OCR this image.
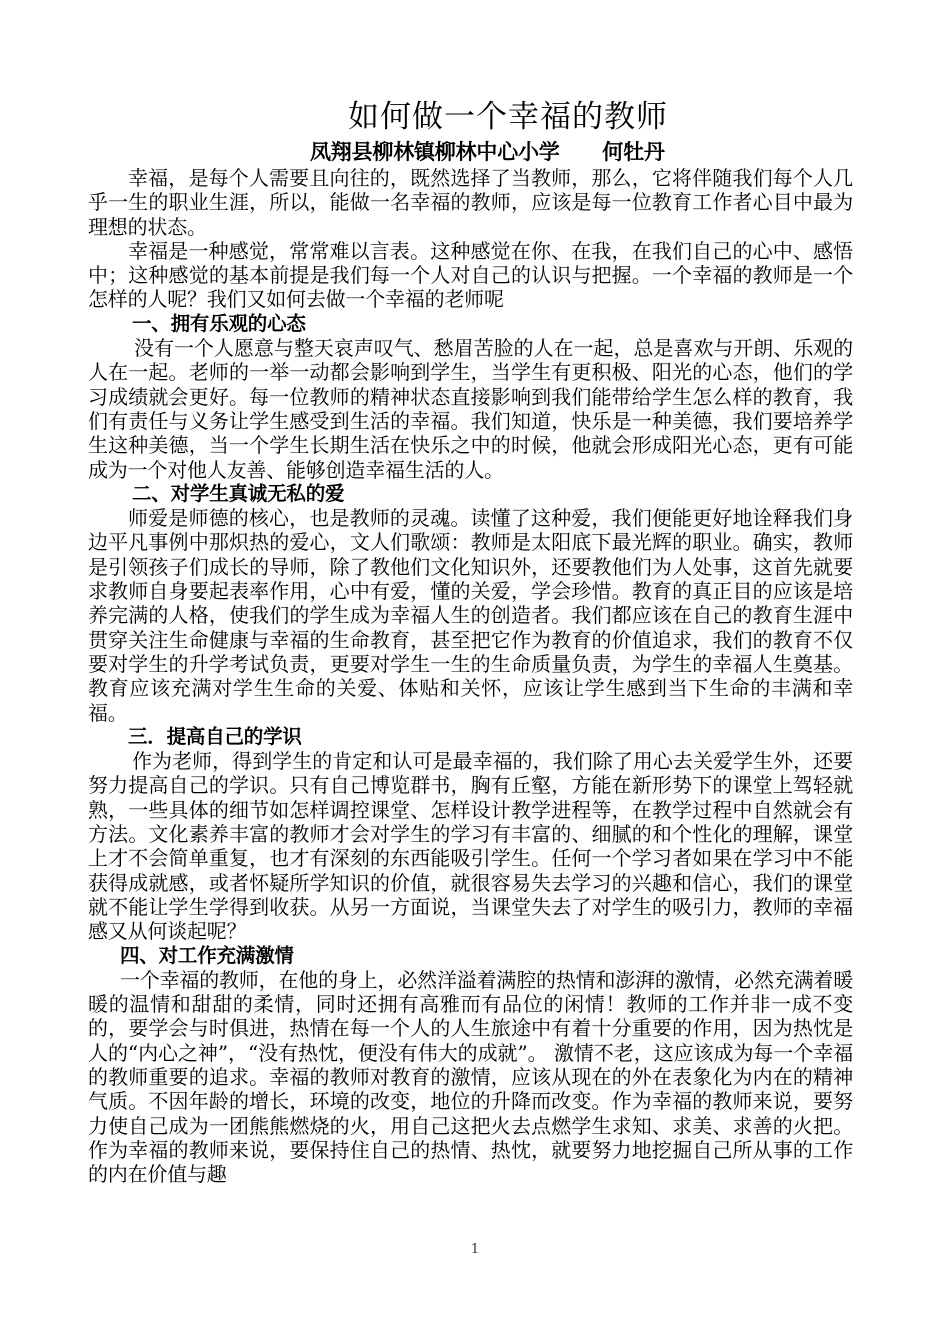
如何做一个幸福的教师

凤翔县柳林镇柳林中心小学      何牡丹

幸福，是每个人需要且向往的，既然选择了当教师，那么，它将伴随我们每个人几乎一生的职业生涯，所以，能做一名幸福的教师，应该是每一位教育工作者心目中最为理想的状态。

幸福是一种感觉，常常难以言表。这种感觉在你、在我，在我们自己的心中、感悟中；这种感觉的基本前提是我们每一个人对自己的认识与把握。一个幸福的教师是一个怎样的人呢？我们又如何去做一个幸福的老师呢

一、拥有乐观的心态

没有一个人愿意与整天哀声叹气、愁眉苦脸的人在一起，总是喜欢与开朗、乐观的人在一起。老师的一举一动都会影响到学生，当学生有更积极、阳光的心态，他们的学习成绩就会更好。每一位教师的精神状态直接影响到我们能带给学生怎么样的教育，我们有责任与义务让学生感受到生活的幸福。我们知道，快乐是一种美德，我们要培养学生这种美德，当一个学生长期生活在快乐之中的时候，他就会形成阳光心态，更有可能成为一个对他人友善、能够创造幸福生活的人。

二、对学生真诚无私的爱

师爱是师德的核心，也是教师的灵魂。读懂了这种爱，我们便能更好地诠释我们身边平凡事例中那炽热的爱心，文人们歌颂：教师是太阳底下最光辉的职业。确实，教师是引领孩子们成长的导师，除了教他们文化知识外，还要教他们为人处事，这首先就要求教师自身要起表率作用，心中有爱，懂的关爱，学会珍惜。教育的真正目的应该是培养完满的人格，使我们的学生成为幸福人生的创造者。我们都应该在自己的教育生涯中贯穿关注生命健康与幸福的生命教育，甚至把它作为教育的价值追求，我们的教育不仅要对学生的升学考试负责，更要对学生一生的生命质量负责，为学生的幸福人生奠基。教育应该充满对学生生命的关爱、体贴和关怀，应该让学生感到当下生命的丰满和幸福。

三．提高自己的学识

作为老师，得到学生的肯定和认可是最幸福的，我们除了用心去关爱学生外，还要努力提高自己的学识。只有自己博览群书，胸有丘壑，方能在新形势下的课堂上驾轻就熟，一些具体的细节如怎样调控课堂、怎样设计教学进程等，在教学过程中自然就会有方法。文化素养丰富的教师才会对学生的学习有丰富的、细腻的和个性化的理解，课堂上才不会简单重复，也才有深刻的东西能吸引学生。任何一个学习者如果在学习中不能获得成就感，或者怀疑所学知识的价值，就很容易失去学习的兴趣和信心，我们的课堂就不能让学生学得到收获。从另一方面说，当课堂失去了对学生的吸引力，教师的幸福感又从何谈起呢？

四、对工作充满激情

一个幸福的教师，在他的身上，必然洋溢着满腔的热情和澎湃的激情，必然充满着暖暖的温情和甜甜的柔情，同时还拥有高雅而有品位的闲情！教师的工作并非一成不变的，要学会与时俱进，热情在每一个人的人生旅途中有着十分重要的作用，因为热忱是人的“内心之神”，“没有热忱，便没有伟大的成就”。 激情不老，这应该成为每一个幸福的教师重要的追求。幸福的教师对教育的激情，应该从现在的外在表象化为内在的精神气质。不因年龄的增长，环境的改变，地位的升降而改变。作为幸福的教师来说，要努力使自己成为一团熊熊燃烧的火，用自己这把火去点燃学生求知、求美、求善的火把。作为幸福的教师来说，要保持住自己的热情、热忱，就要努力地挖掘自己所从事的工作的内在价值与趣

1
